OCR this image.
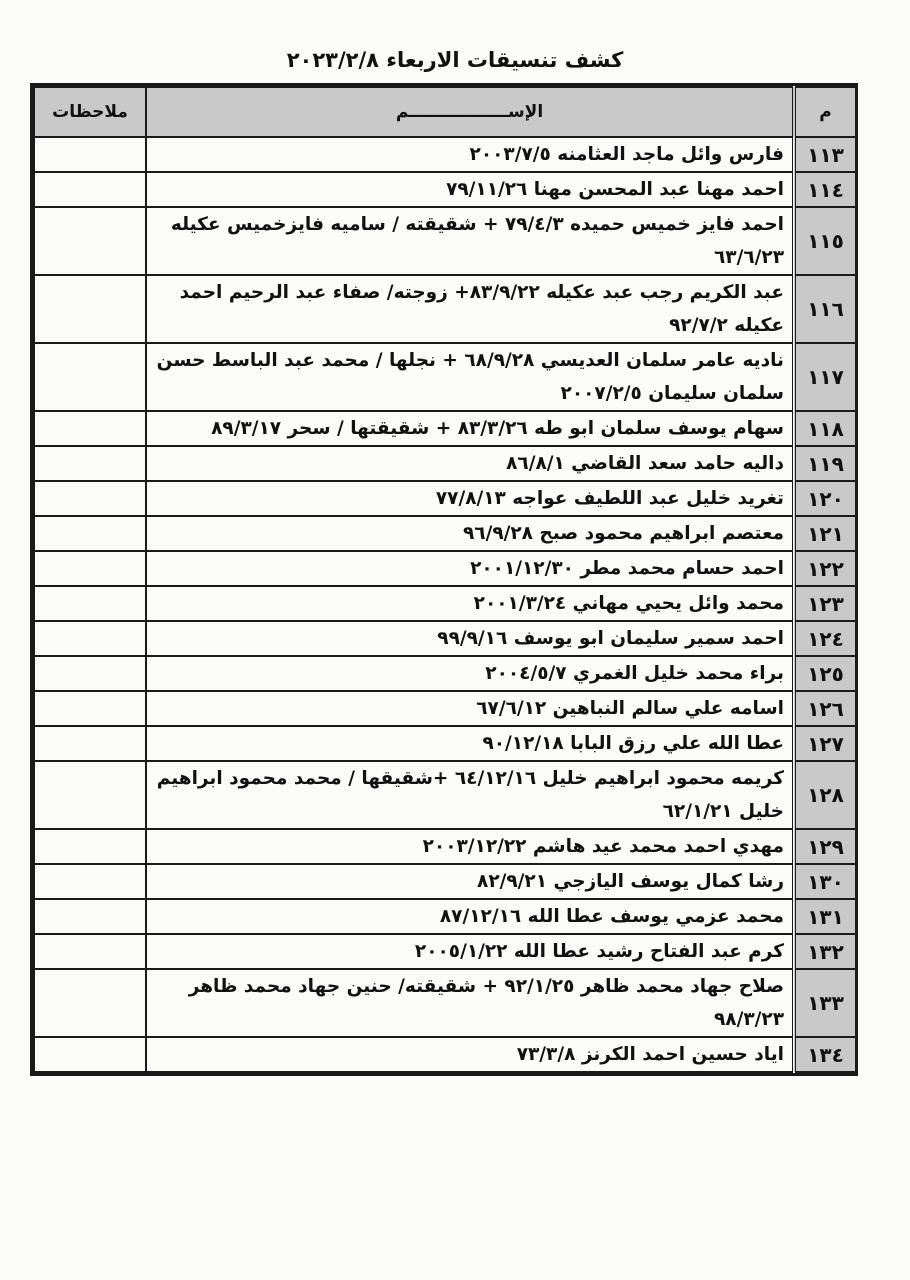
كشف تنسيقات الاربعاء ٢٠٢٣/٢/٨
م	الإســـــــــــــــــم	ملاحظات
١١٣	فارس وائل ماجد العثامنه ٢٠٠٣/٧/٥	
١١٤	احمد مهنا عبد المحسن مهنا ٧٩/١١/٢٦	
١١٥	احمد فايز خميس حميده ٧٩/٤/٣ + شقيقته / ساميه فايزخميس عكيله ٦٣/٦/٢٣	
١١٦	عبد الكريم رجب عبد عكيله ٨٣/٩/٢٢+ زوجته/ صفاء عبد الرحيم احمد عكيله ٩٢/٧/٢	
١١٧	ناديه عامر سلمان العديسي ٦٨/٩/٢٨ + نجلها / محمد عبد الباسط حسن سلمان سليمان ٢٠٠٧/٢/٥	
١١٨	سهام يوسف سلمان ابو طه ٨٣/٣/٢٦ + شقيقتها / سحر ٨٩/٣/١٧	
١١٩	داليه حامد سعد القاضي ٨٦/٨/١	
١٢٠	تغريد خليل عبد اللطيف عواجه ٧٧/٨/١٣	
١٢١	معتصم ابراهيم محمود صبح ٩٦/٩/٢٨	
١٢٢	احمد حسام محمد مطر ٢٠٠١/١٢/٣٠	
١٢٣	محمد وائل يحيي مهاني ٢٠٠١/٣/٢٤	
١٢٤	احمد سمير سليمان ابو يوسف ٩٩/٩/١٦	
١٢٥	براء محمد خليل الغمري ٢٠٠٤/٥/٧	
١٢٦	اسامه علي سالم النباهين ٦٧/٦/١٢	
١٢٧	عطا الله علي رزق البابا ٩٠/١٢/١٨	
١٢٨	كريمه محمود ابراهيم خليل ٦٤/١٢/١٦ +شقيقها / محمد محمود ابراهيم خليل ٦٢/١/٢١	
١٢٩	مهدي احمد محمد عيد هاشم ٢٠٠٣/١٢/٢٢	
١٣٠	رشا كمال يوسف اليازجي ٨٢/٩/٢١	
١٣١	محمد عزمي يوسف عطا الله ٨٧/١٢/١٦	
١٣٢	كرم عبد الفتاح رشيد عطا الله ٢٠٠٥/١/٢٢	
١٣٣	صلاح جهاد محمد ظاهر ٩٢/١/٢٥ + شقيقته/ حنين جهاد محمد ظاهر ٩٨/٣/٢٣	
١٣٤	اياد حسين احمد الكرنز ٧٣/٣/٨	
